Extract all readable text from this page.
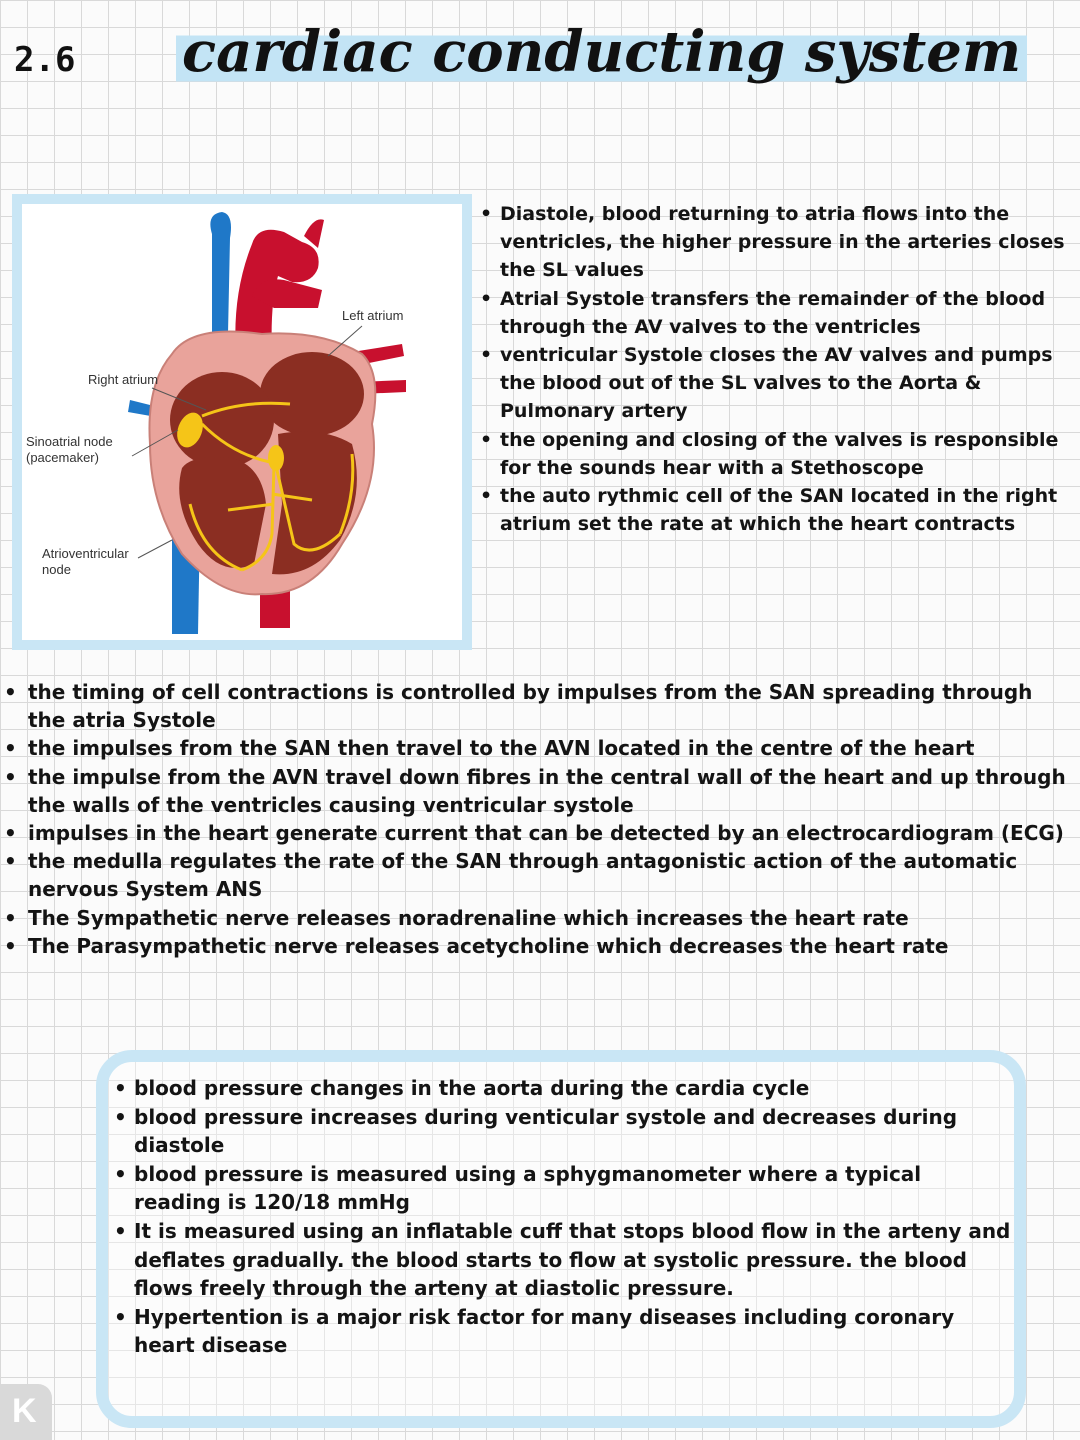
2.6 cardiac conducting system
Left atrium
Right atrium
Sinoatrial node
(pacemaker)
Atrioventricular
node
• Diastole, blood returning to atria flows into the ventricles, the higher pressure in the arteries closes the SL values
• Atrial Systole transfers the remainder of the blood through the AV valves to the ventricles
• ventricular Systole closes the AV valves and pumps the blood out of the SL valves to the Aorta & Pulmonary artery
• the opening and closing of the valves is responsible for the sounds hear with a Stethoscope
• the auto rythmic cell of the SAN located in the right atrium set the rate at which the heart contracts
• the timing of cell contractions is controlled by impulses from the SAN spreading through the atria Systole
• the impulses from the SAN then travel to the AVN located in the centre of the heart
• the impulse from the AVN travel down fibres in the central wall of the heart and up through the walls of the ventricles causing ventricular systole
• impulses in the heart generate current that can be detected by an electrocardiogram (ECG)
• the medulla regulates the rate of the SAN through antagonistic action of the automatic nervous System ANS
• The Sympathetic nerve releases noradrenaline which increases the heart rate
• The Parasympathetic nerve releases acetycholine which decreases the heart rate
• blood pressure changes in the aorta during the cardia cycle
• blood pressure increases during venticular systole and decreases during diastole
• blood pressure is measured using a sphygmanometer where a typical reading is 120/18 mmHg
• It is measured using an inflatable cuff that stops blood flow in the arteny and deflates gradually. the blood starts to flow at systolic pressure. the blood flows freely through the arteny at diastolic pressure.
• Hypertention is a major risk factor for many diseases including coronary heart disease
K
